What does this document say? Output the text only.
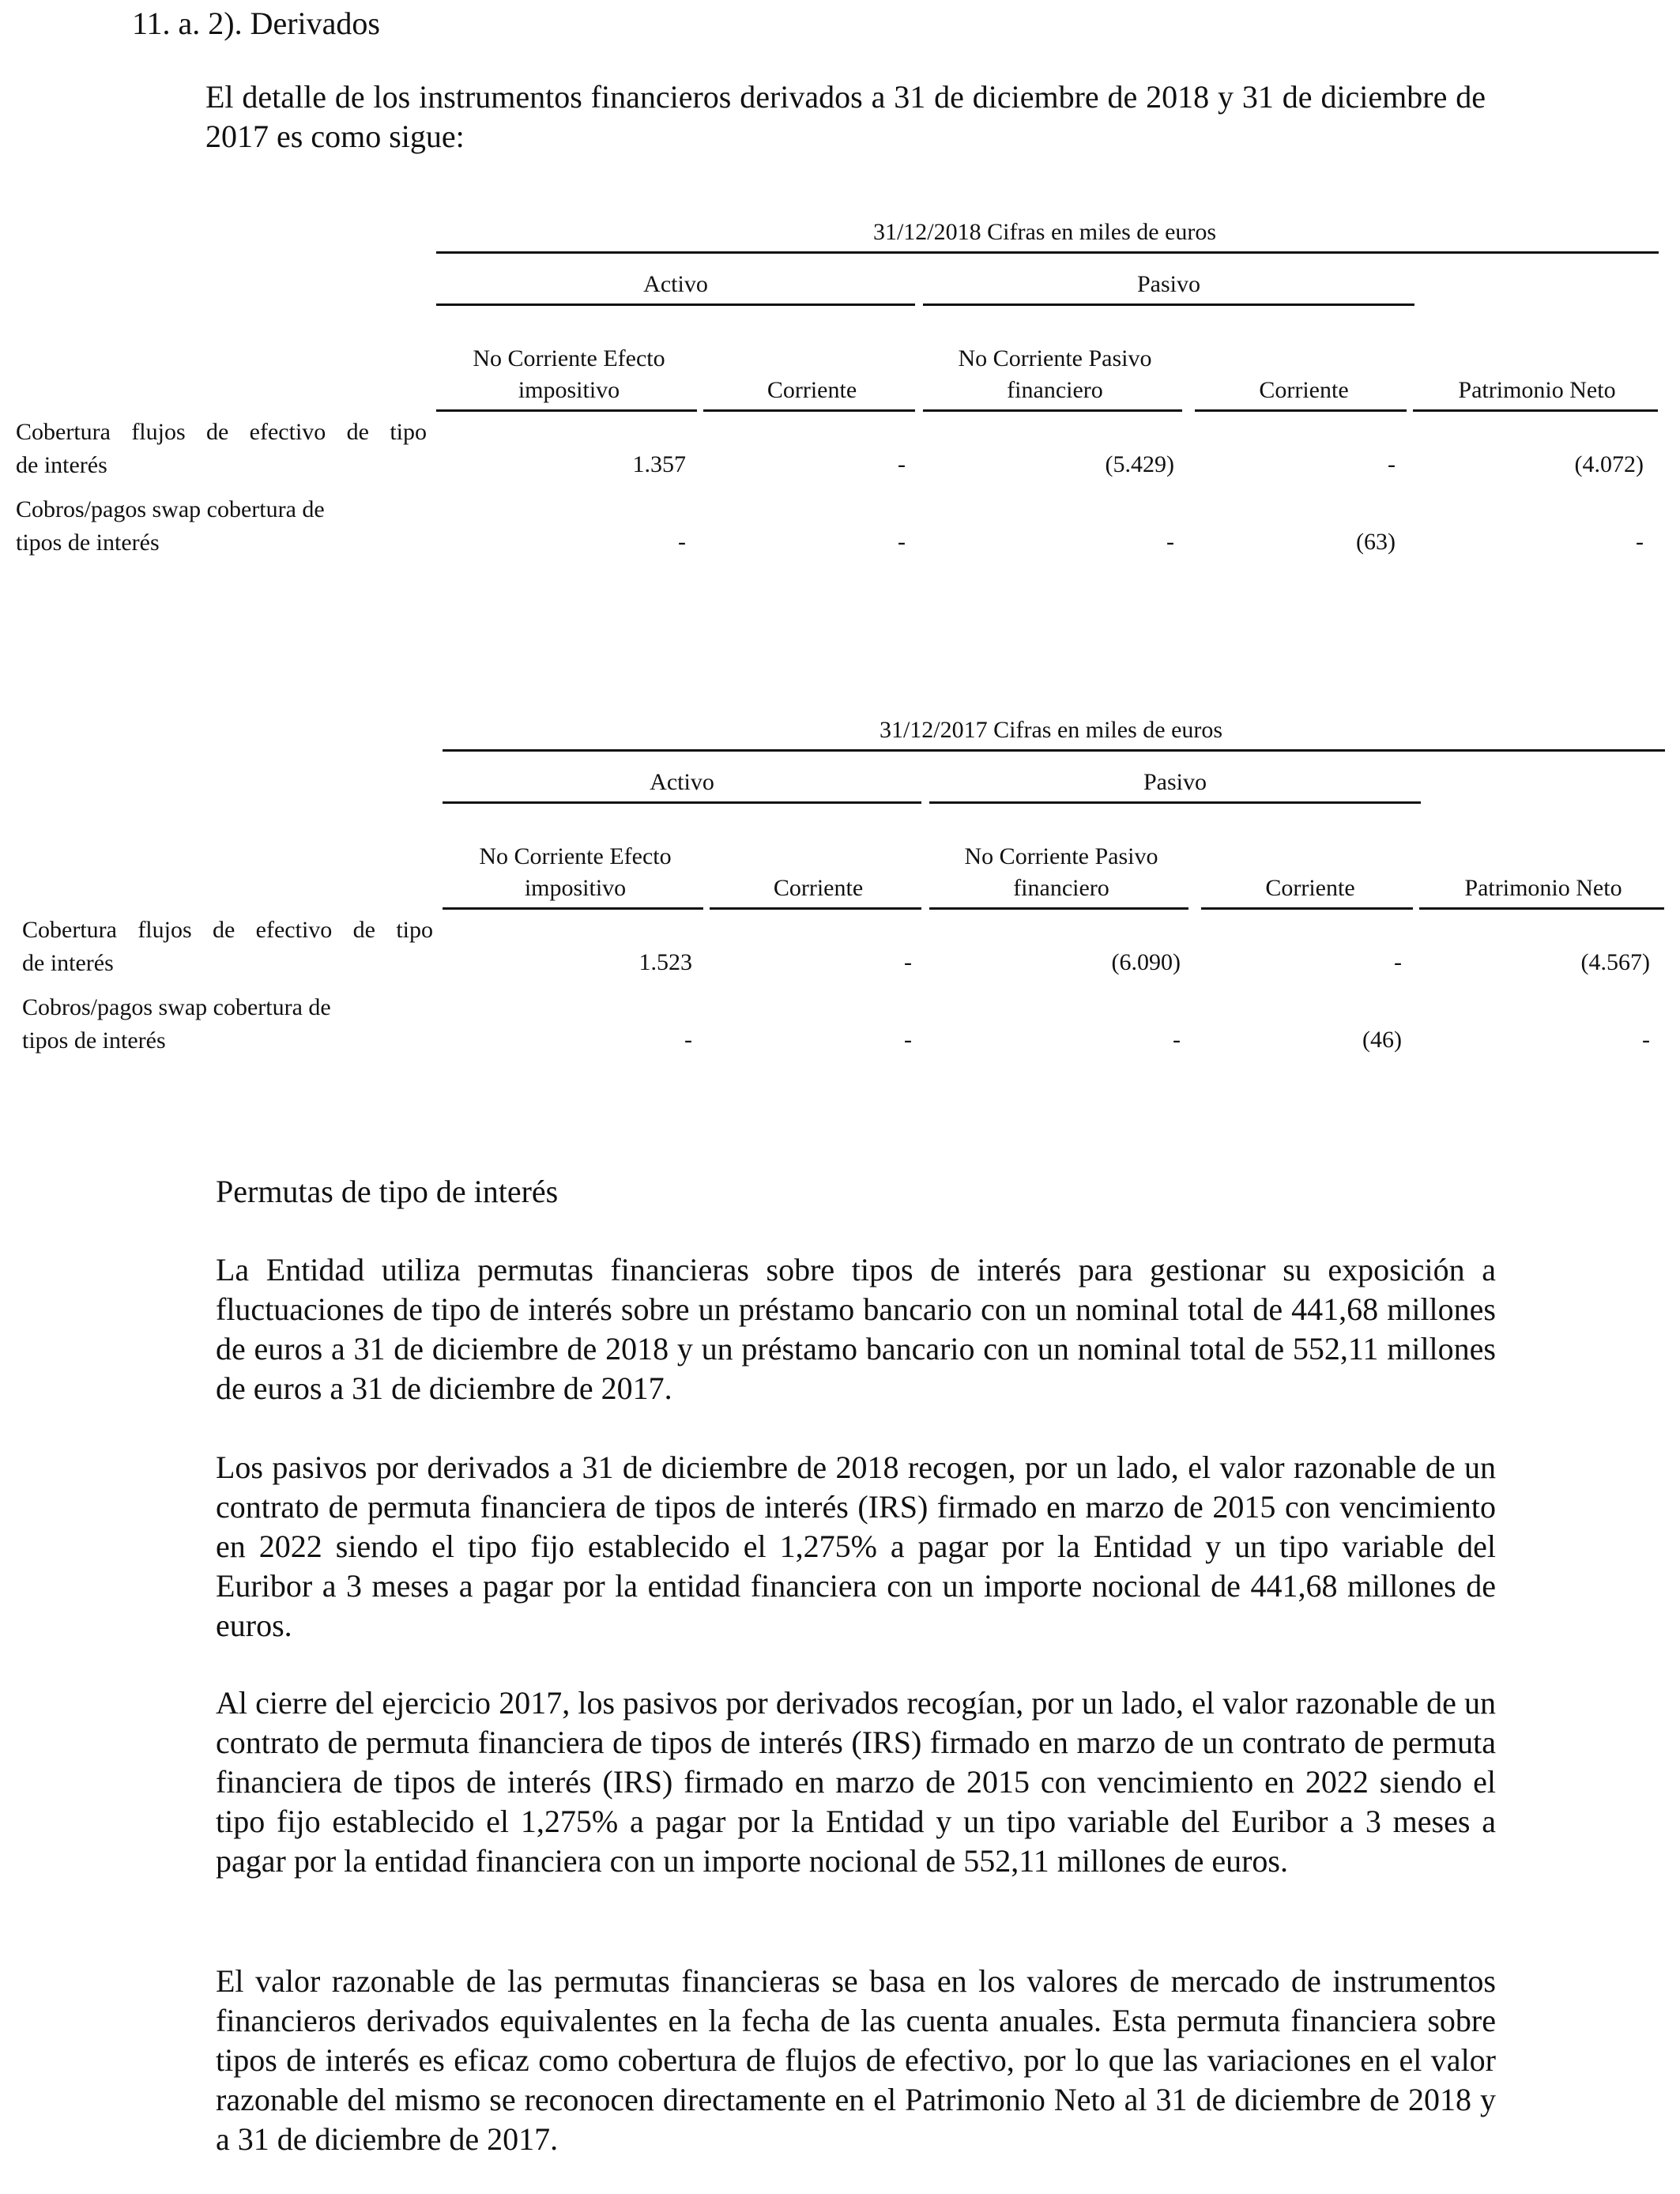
11. a. 2). Derivados
El detalle de los instrumentos financieros derivados a 31 de diciembre de 2018 y 31 de diciembre de 2017 es como sigue:
31/12/2018 Cifras en miles de euros
Activo	Pasivo
No Corriente Efecto impositivo	Corriente
No Corriente Pasivo financiero	Corriente	Patrimonio Neto
Cobertura flujos de efectivo de tipo
de interés	1.357	-	(5.429)	-	(4.072)
Cobros/pagos swap cobertura de
tipos de interés	-	-	-	(63)	-
31/12/2017 Cifras en miles de euros
Activo	Pasivo
No Corriente Efecto impositivo	Corriente
No Corriente Pasivo financiero	Corriente	Patrimonio Neto
Cobertura flujos de efectivo de tipo
de interés	1.523	-	(6.090)	-	(4.567)
Cobros/pagos swap cobertura de
tipos de interés	-	-	-	(46)	-
Permutas de tipo de interés

La Entidad utiliza permutas financieras sobre tipos de interés para gestionar su exposición a fluctuaciones de tipo de interés sobre un préstamo bancario con un nominal total de 441,68 millones de euros a 31 de diciembre de 2018 y un préstamo bancario con un nominal total de 552,11 millones de euros a 31 de diciembre de 2017.

Los pasivos por derivados a 31 de diciembre de 2018 recogen, por un lado, el valor razonable de un contrato de permuta financiera de tipos de interés (IRS) firmado en marzo de 2015 con vencimiento en 2022 siendo el tipo fijo establecido el 1,275% a pagar por la Entidad y un tipo variable del Euribor a 3 meses a pagar por la entidad financiera con un importe nocional de 441,68 millones de euros.

Al cierre del ejercicio 2017, los pasivos por derivados recogían, por un lado, el valor razonable de un contrato de permuta financiera de tipos de interés (IRS) firmado en marzo de un contrato de permuta financiera de tipos de interés (IRS) firmado en marzo de 2015 con vencimiento en 2022 siendo el tipo fijo establecido el 1,275% a pagar por la Entidad y un tipo variable del Euribor a 3 meses a pagar por la entidad financiera con un importe nocional de 552,11 millones de euros.

El valor razonable de las permutas financieras se basa en los valores de mercado de instrumentos financieros derivados equivalentes en la fecha de las cuenta anuales. Esta permuta financiera sobre tipos de interés es eficaz como cobertura de flujos de efectivo, por lo que las variaciones en el valor razonable del mismo se reconocen directamente en el Patrimonio Neto al 31 de diciembre de 2018 y a 31 de diciembre de 2017.
